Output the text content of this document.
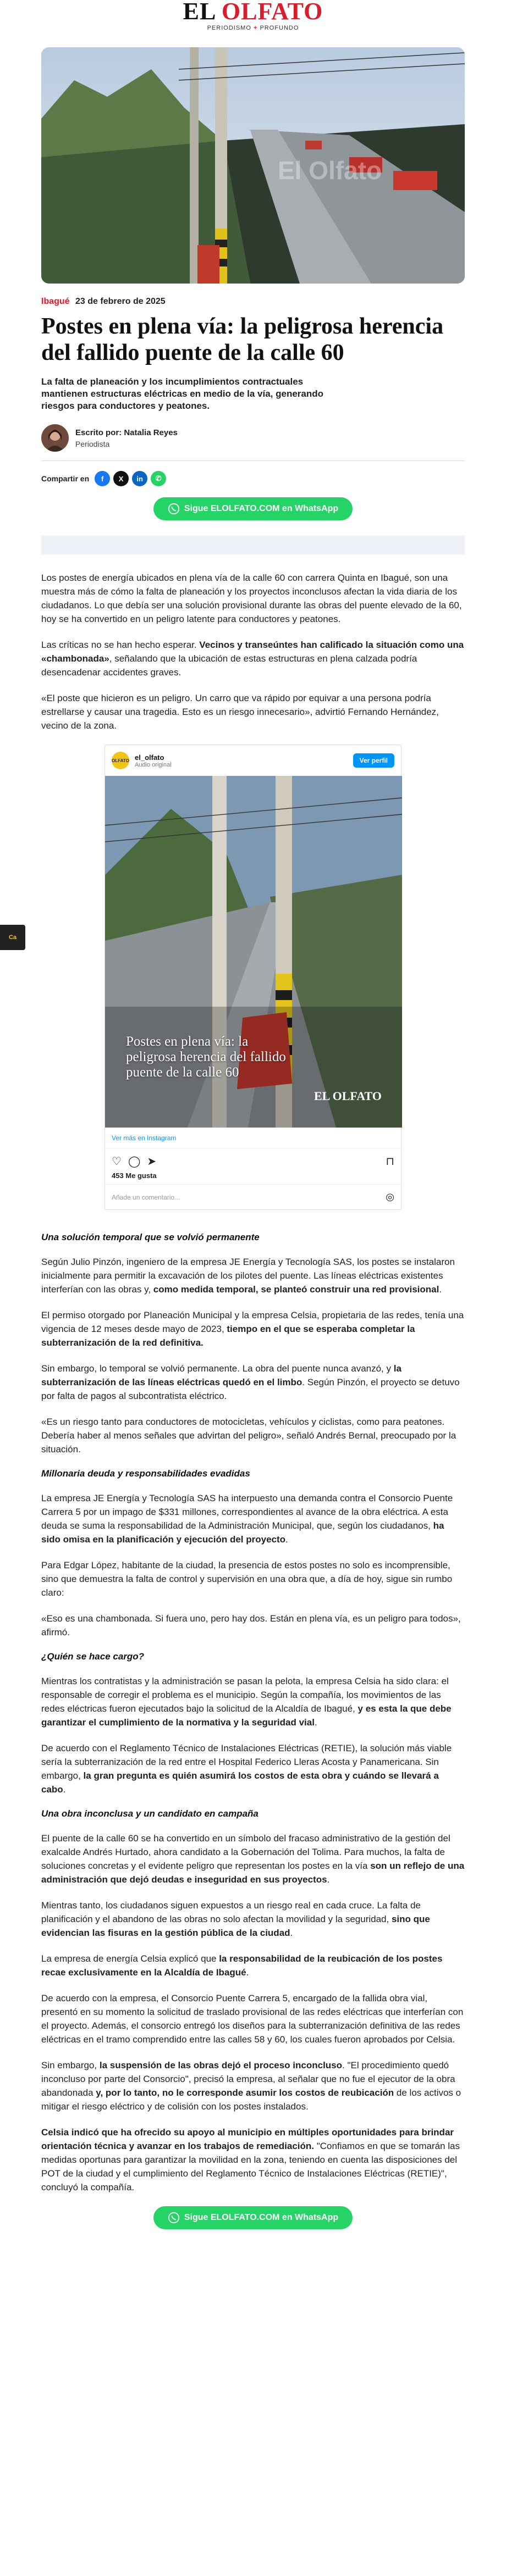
EL OLFATO
PERIODISMO + PROFUNDO
Ca
El Olfato
Ibagué 23 de febrero de 2025
Postes en plena vía: la peligrosa herencia del fallido puente de la calle 60

La falta de planeación y los incumplimientos contractuales mantienen estructuras eléctricas en medio de la vía, generando riesgos para conductores y peatones.

Escrito por: Natalia Reyes
Periodista
Compartir en	f	X	in	✆
Sigue ELOLFATO.COM en WhatsApp

Los postes de energía ubicados en plena vía de la calle 60 con carrera Quinta en Ibagué, son una muestra más de cómo la falta de planeación y los proyectos inconclusos afectan la vida diaria de los ciudadanos. Lo que debía ser una solución provisional durante las obras del puente elevado de la 60, hoy se ha convertido en un peligro latente para conductores y peatones.

Las críticas no se han hecho esperar. Vecinos y transeúntes han calificado la situación como una «chambonada», señalando que la ubicación de estas estructuras en plena calzada podría desencadenar accidentes graves.

«El poste que hicieron es un peligro. Un carro que va rápido por equivar a una persona podría estrellarse y causar una tragedia. Esto es un riesgo innecesario», advirtió Fernando Hernández, vecino de la zona.

OLFATO el_olfato
Audio original
Ver perfil
Postes en plena vía: la peligrosa herencia del fallido puente de la calle 60
EL OLFATO
Ver más en Instagram
♡ ◯ ➤	⊓
453 Me gusta
Añade un comentario...	◎
Una solución temporal que se volvió permanente

Según Julio Pinzón, ingeniero de la empresa JE Energía y Tecnología SAS, los postes se instalaron inicialmente para permitir la excavación de los pilotes del puente. Las líneas eléctricas existentes interferían con las obras y, como medida temporal, se planteó construir una red provisional.

El permiso otorgado por Planeación Municipal y la empresa Celsia, propietaria de las redes, tenía una vigencia de 12 meses desde mayo de 2023, tiempo en el que se esperaba completar la subterranización de la red definitiva.

Sin embargo, lo temporal se volvió permanente. La obra del puente nunca avanzó, y la subterranización de las líneas eléctricas quedó en el limbo. Según Pinzón, el proyecto se detuvo por falta de pagos al subcontratista eléctrico.

«Es un riesgo tanto para conductores de motocicletas, vehículos y ciclistas, como para peatones. Debería haber al menos señales que advirtan del peligro», señaló Andrés Bernal, preocupado por la situación.

Millonaria deuda y responsabilidades evadidas

La empresa JE Energía y Tecnología SAS ha interpuesto una demanda contra el Consorcio Puente Carrera 5 por un impago de $331 millones, correspondientes al avance de la obra eléctrica. A esta deuda se suma la responsabilidad de la Administración Municipal, que, según los ciudadanos, ha sido omisa en la planificación y ejecución del proyecto.

Para Edgar López, habitante de la ciudad, la presencia de estos postes no solo es incomprensible, sino que demuestra la falta de control y supervisión en una obra que, a día de hoy, sigue sin rumbo claro:

«Eso es una chambonada. Si fuera uno, pero hay dos. Están en plena vía, es un peligro para todos», afirmó.

¿Quién se hace cargo?

Mientras los contratistas y la administración se pasan la pelota, la empresa Celsia ha sido clara: el responsable de corregir el problema es el municipio. Según la compañía, los movimientos de las redes eléctricas fueron ejecutados bajo la solicitud de la Alcaldía de Ibagué, y es esta la que debe garantizar el cumplimiento de la normativa y la seguridad vial.

De acuerdo con el Reglamento Técnico de Instalaciones Eléctricas (RETIE), la solución más viable sería la subterranización de la red entre el Hospital Federico Lleras Acosta y Panamericana. Sin embargo, la gran pregunta es quién asumirá los costos de esta obra y cuándo se llevará a cabo.

Una obra inconclusa y un candidato en campaña

El puente de la calle 60 se ha convertido en un símbolo del fracaso administrativo de la gestión del exalcalde Andrés Hurtado, ahora candidato a la Gobernación del Tolima. Para muchos, la falta de soluciones concretas y el evidente peligro que representan los postes en la vía son un reflejo de una administración que dejó deudas e inseguridad en sus proyectos.

Mientras tanto, los ciudadanos siguen expuestos a un riesgo real en cada cruce. La falta de planificación y el abandono de las obras no solo afectan la movilidad y la seguridad, sino que evidencian las fisuras en la gestión pública de la ciudad.

La empresa de energía Celsia explicó que la responsabilidad de la reubicación de los postes recae exclusivamente en la Alcaldía de Ibagué.

De acuerdo con la empresa, el Consorcio Puente Carrera 5, encargado de la fallida obra vial, presentó en su momento la solicitud de traslado provisional de las redes eléctricas que interferían con el proyecto. Además, el consorcio entregó los diseños para la subterranización definitiva de las redes eléctricas en el tramo comprendido entre las calles 58 y 60, los cuales fueron aprobados por Celsia.

Sin embargo, la suspensión de las obras dejó el proceso inconcluso. "El procedimiento quedó inconcluso por parte del Consorcio", precisó la empresa, al señalar que no fue el ejecutor de la obra abandonada y, por lo tanto, no le corresponde asumir los costos de reubicación de los activos o mitigar el riesgo eléctrico y de colisión con los postes instalados.

Celsia indicó que ha ofrecido su apoyo al municipio en múltiples oportunidades para brindar orientación técnica y avanzar en los trabajos de remediación. "Confiamos en que se tomarán las medidas oportunas para garantizar la movilidad en la zona, teniendo en cuenta las disposiciones del POT de la ciudad y el cumplimiento del Reglamento Técnico de Instalaciones Eléctricas (RETIE)", concluyó la compañía.

Sigue ELOLFATO.COM en WhatsApp
